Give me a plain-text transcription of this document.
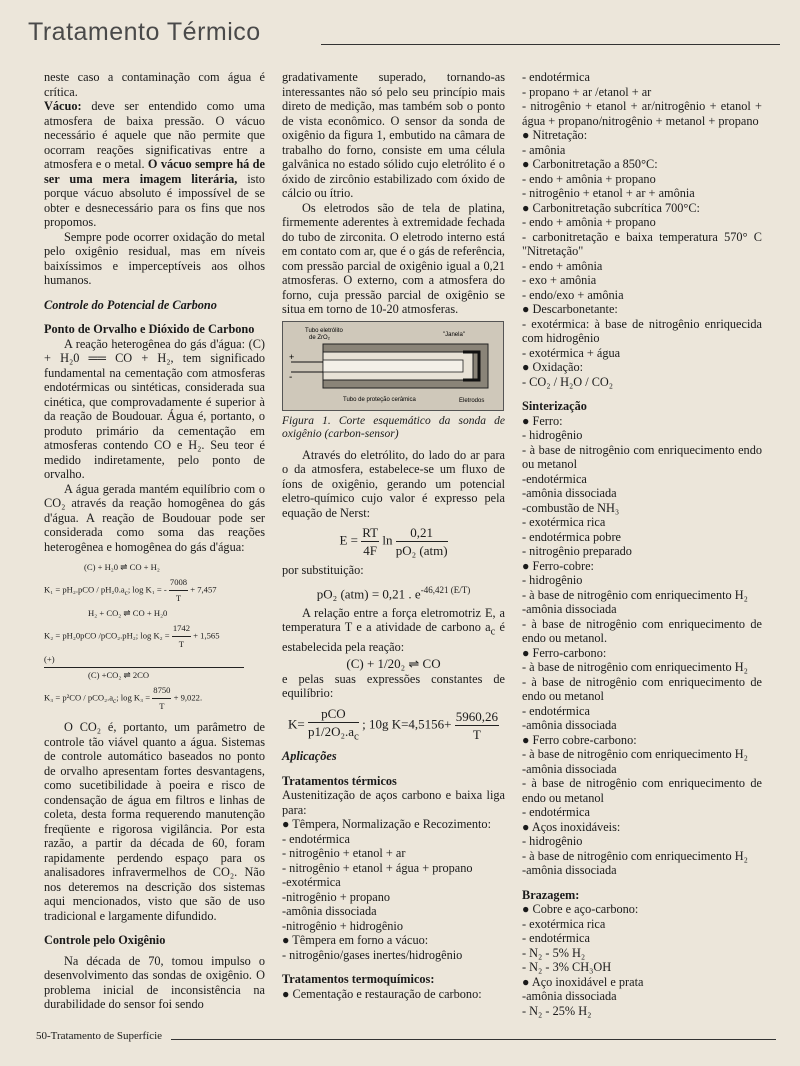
Tratamento Térmico

neste caso a contaminação com água é crítica.

Vácuo: deve ser entendido como uma atmosfera de baixa pressão. O vácuo necessário é aquele que não permite que ocorram reações significativas entre a atmosfera e o metal. O vácuo sempre há de ser uma mera imagem literária, isto porque vácuo absoluto é impossível de se obter e desnecessário para os fins que nos propomos.

Sempre pode ocorrer oxidação do metal pelo oxigênio residual, mas em níveis baixíssimos e imperceptíveis aos olhos humanos.

Controle do Potencial de Carbono

Ponto de Orvalho e Dióxido de Carbono

A reação heterogênea do gás d'água: (C) + H₂0 ══ CO + H₂, tem significado fundamental na cementação com atmosferas endotérmicas ou sintéticas, considerada sua cinética, que comprovadamente é superior à da reação de Boudouar. Água é, portanto, o produto primário da cementação em atmosferas contendo CO e H₂. Seu teor é medido indiretamente, pelo ponto de orvalho.

A água gerada mantém equilíbrio com o CO₂ através da reação homogênea do gás d'água. A reação de Boudouar pode ser considerada como soma das reações heterogênea e homogênea do gás d'água:

(C) + H₂0 ⇌ CO + H₂
$K_1 = pH_2.pCO / pH_20.a_c$; log K₁ = - $\frac{7008}{T} + 7,457$
H₂ + CO₂ ⇌ CO + H₂0
K₂ = pH₂0pCO /pCO₂.pH₂; $\log K_2 = \frac{1742}{T} + 1,565$
(+)
(C) +CO₂ ⇌ 2CO
$K_3 = p^2CO / pCO_2.a_c$; $\log K_3 = \frac{8750}{T} + 9,022$.

O CO₂ é, portanto, um parâmetro de controle tão viável quanto a água. Sistemas de controle automático baseados no ponto de orvalho apresentam fortes desvantagens, como sucetibilidade à poeira e risco de condensação de água em filtros e linhas de coleta, desta forma requerendo manutenção freqüente e rigorosa vigilância. Por esta razão, a partir da década de 60, foram rapidamente perdendo espaço para os analisadores infravermelhos de CO₂. Não nos deteremos na descrição dos sistemas aqui mencionados, visto que são de uso tradicional e largamente difundido.

Controle pelo Oxigênio

Na década de 70, tomou impulso o desenvolvimento das sondas de oxigênio. O problema inicial de inconsistência na durabilidade do sensor foi sendo

gradativamente superado, tornando-as interessantes não só pelo seu princípio mais direto de medição, mas também sob o ponto de vista econômico. O sensor da sonda de oxigênio da figura 1, embutido na câmara de trabalho do forno, consiste em uma célula galvânica no estado sólido cujo eletrólito é o óxido de zircônio estabilizado com óxido de cálcio ou ítrio.

Os eletrodos são de tela de platina, firmemente aderentes à extremidade fechada do tubo de zirconita. O eletrodo interno está em contato com ar, que é o gás de referência, com pressão parcial de oxigênio igual a 0,21 atmosferas. O externo, com a atmosfera do forno, cuja pressão parcial de oxigênio se situa em torno de 10-20 atmosferas.

+
-
Tubo eletrólito
de ZrO₂	"Janela"
Tubo de proteção cerâmica	Eletrodos

Figura 1. Corte esquemático da sonda de oxigênio (carbon-sensor)

Através do eletrólito, do lado do ar para o da atmosfera, estabelece-se um fluxo de íons de oxigênio, gerando um potencial eletro-químico cujo valor é expresso pela equação de Nerst:

$E = \frac{RT}{4F}$ $\ln \frac{0,21}{\text{pO₂ (atm)}}$

por substituição:

pO₂ (atm) = 0,21 . $e^{-46,421 (E/T)}$

A relação entre a força eletromotriz E, a temperatura T e a atividade de carbono $a_c$ é estabelecida pela reação:

(C) + 1/20₂ ⇌ CO

e pelas suas expressões constantes de equilíbrio:

$K= \frac{\text{pCO}}{p1/2O_2.a_c}$ ; 10g $K=4,5156+ \frac{5960,26}{T}$

Aplicações

Tratamentos térmicos

Austenitização de aços carbono e baixa liga para:

● Têmpera, Normalização e Recozimento:

- endotérmica

- nitrogênio + etanol + ar

- nitrogênio + etanol + água + propano

-exotérmica

-nitrogênio + propano

-amônia dissociada

-nitrogênio + hidrogênio

● Têmpera em forno a vácuo:

- nitrogênio/gases inertes/hidrogênio

Tratamentos termoquímicos:

● Cementação e restauração de carbono:

- endotérmica

- propano + ar /etanol + ar

- nitrogênio + etanol + ar/nitrogênio + etanol + água + propano/nitrogênio + metanol + propano

● Nitretação:

- amônia

● Carbonitretação a 850°C:

- endo + amônia + propano

- nitrogênio + etanol + ar + amônia

● Carbonitretação subcrítica 700°C:

- endo + amônia + propano

- carbonitretação e baixa temperatura 570° C "Nitretação"

- endo + amônia

- exo + amônia

- endo/exo + amônia

● Descarbonetante:

- exotérmica: à base de nitrogênio enriquecida com hidrogênio

- exotérmica + água

● Oxidação:

- CO₂ / H₂O / CO₂

Sinterização

● Ferro:

- hidrogênio

- à base de nitrogênio com enriquecimento endo ou metanol

-endotérmica

-amônia dissociada

-combustão de NH₃

- exotérmica rica

- endotérmica pobre

- nitrogênio preparado

● Ferro-cobre:

- hidrogênio

- à base de nitrogênio com enriquecimento H₂

-amônia dissociada

- à base de nitrogênio com enriquecimento de endo ou metanol.

● Ferro-carbono:

- à base de nitrogênio com enriquecimento H₂

- à base de nitrogênio com enriquecimento de endo ou metanol

- endotérmica

-amônia dissociada

● Ferro cobre-carbono:

- à base de nitrogênio com enriquecimento H₂

-amônia dissociada

- à base de nitrogênio com enriquecimento de endo ou metanol

- endotérmica

● Aços inoxidáveis:

- hidrogênio

- à base de nitrogênio com enriquecimento H₂

-amônia dissociada

Brazagem:

● Cobre e aço-carbono:

- exotérmica rica

- endotérmica

- N₂ - 5% H₂

- N₂ - 3% CH₃OH

● Aço inoxidável e prata

-amônia dissociada

- N₂ - 25% H₂

50-Tratamento de Superfície
